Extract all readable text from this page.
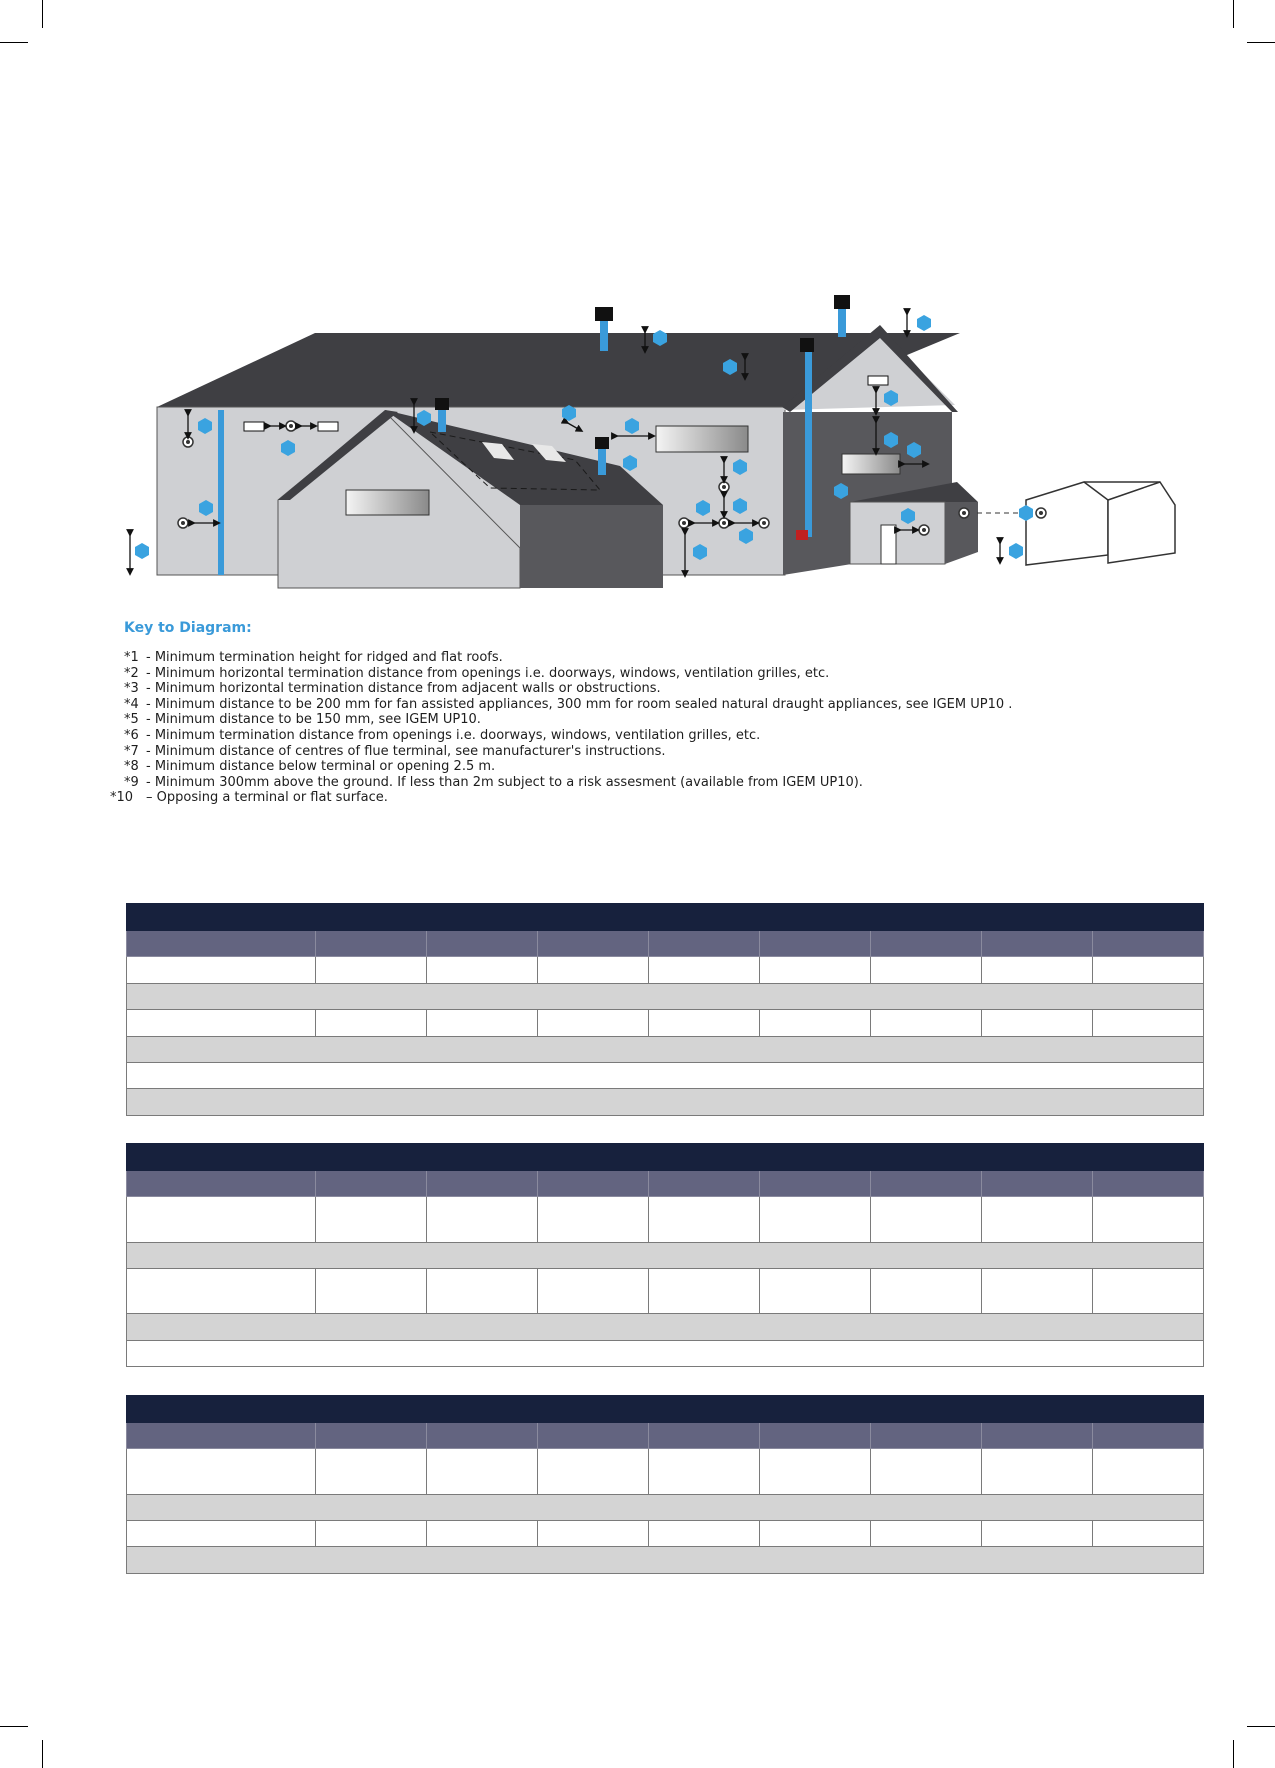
Key to Diagram:
*1 - Minimum termination height for ridged and flat roofs.
*2 - Minimum horizontal termination distance from openings i.e. doorways, windows, ventilation grilles, etc.
*3 - Minimum horizontal termination distance from adjacent walls or obstructions.
*4 - Minimum distance to be 200 mm for fan assisted appliances, 300 mm for room sealed natural draught appliances, see IGEM UP10 .
*5 - Minimum distance to be 150 mm, see IGEM UP10.
*6 - Minimum termination distance from openings i.e. doorways, windows, ventilation grilles, etc.
*7 - Minimum distance of centres of flue terminal, see manufacturer's instructions.
*8 - Minimum distance below terminal or opening 2.5 m.
*9 - Minimum 300mm above the ground. If less than 2m subject to a risk assesment (available from IGEM UP10).
*10 – Opposing a terminal or flat surface.
